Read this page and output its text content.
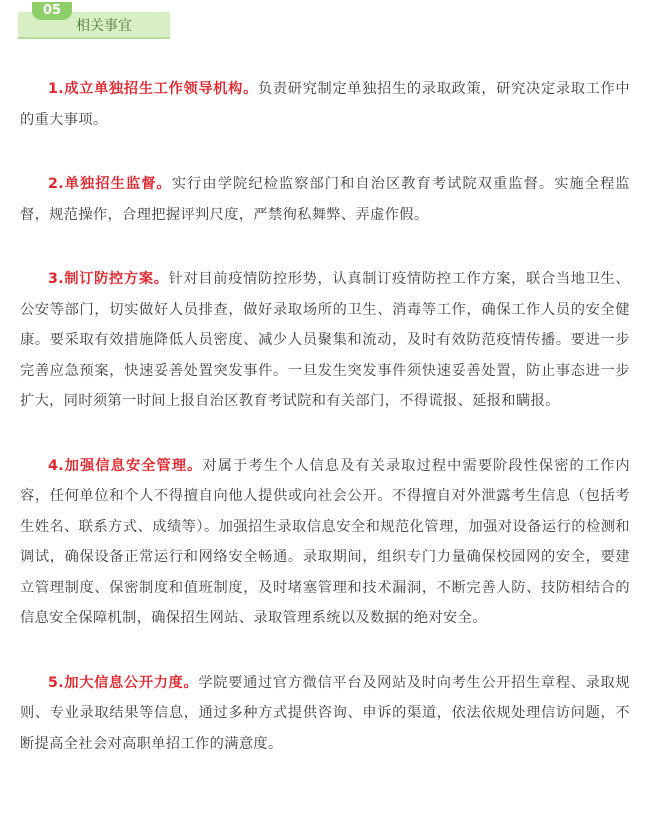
05
相关事宜

1.成立单独招生工作领导机构。负责研究制定单独招生的录取政策，研究决定录取工作中的重大事项。

2.单独招生监督。实行由学院纪检监察部门和自治区教育考试院双重监督。实施全程监督，规范操作，合理把握评判尺度，严禁徇私舞弊、弄虚作假。

3.制订防控方案。针对目前疫情防控形势，认真制订疫情防控工作方案，联合当地卫生、公安等部门，切实做好人员排查，做好录取场所的卫生、消毒等工作，确保工作人员的安全健康。要采取有效措施降低人员密度、减少人员聚集和流动，及时有效防范疫情传播。要进一步完善应急预案，快速妥善处置突发事件。一旦发生突发事件须快速妥善处置，防止事态进一步扩大，同时须第一时间上报自治区教育考试院和有关部门，不得谎报、延报和瞒报。

4.加强信息安全管理。对属于考生个人信息及有关录取过程中需要阶段性保密的工作内容，任何单位和个人不得擅自向他人提供或向社会公开。不得擅自对外泄露考生信息（包括考生姓名、联系方式、成绩等）。加强招生录取信息安全和规范化管理，加强对设备运行的检测和调试，确保设备正常运行和网络安全畅通。录取期间，组织专门力量确保校园网的安全，要建立管理制度、保密制度和值班制度，及时堵塞管理和技术漏洞，不断完善人防、技防相结合的信息安全保障机制，确保招生网站、录取管理系统以及数据的绝对安全。

5.加大信息公开力度。学院要通过官方微信平台及网站及时向考生公开招生章程、录取规则、专业录取结果等信息，通过多种方式提供咨询、申诉的渠道，依法依规处理信访问题，不断提高全社会对高职单招工作的满意度。
